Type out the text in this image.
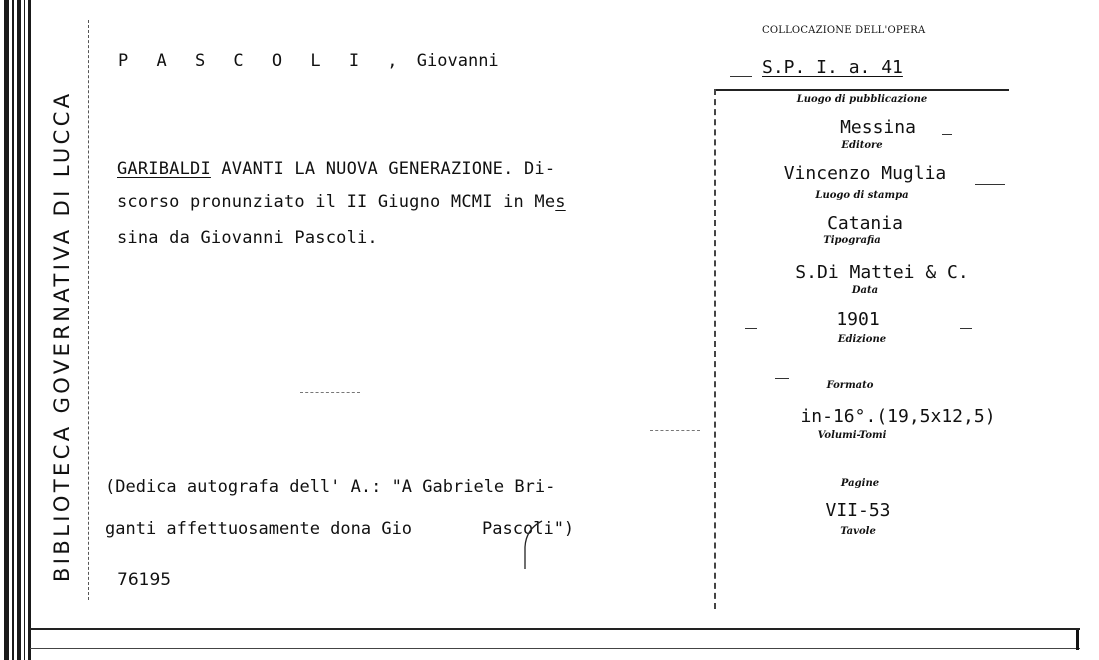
BIBLIOTECA GOVERNATIVA DI LUCCA
P A S C O L I , Giovanni
GARIBALDI AVANTI LA NUOVA GENERAZIONE. Di-
scorso pronunziato il II Giugno MCMI in Mes
sina da Giovanni Pascoli.
(Dedica autografa dell' A.: "A Gabriele Bri-
ganti affettuosamente dona Gio	Pascoli")
76195
COLLOCAZIONE DELL'OPERA
S.P. I. a. 41
Luogo di pubblicazione
Messina
Editore
Vincenzo Muglia
Luogo di stampa
Catania
Tipografia
S.Di Mattei & C.
Data
1901
Edizione
Formato
in-16°.(19,5x12,5)
Volumi-Tomi
Pagine
VII-53
Tavole
